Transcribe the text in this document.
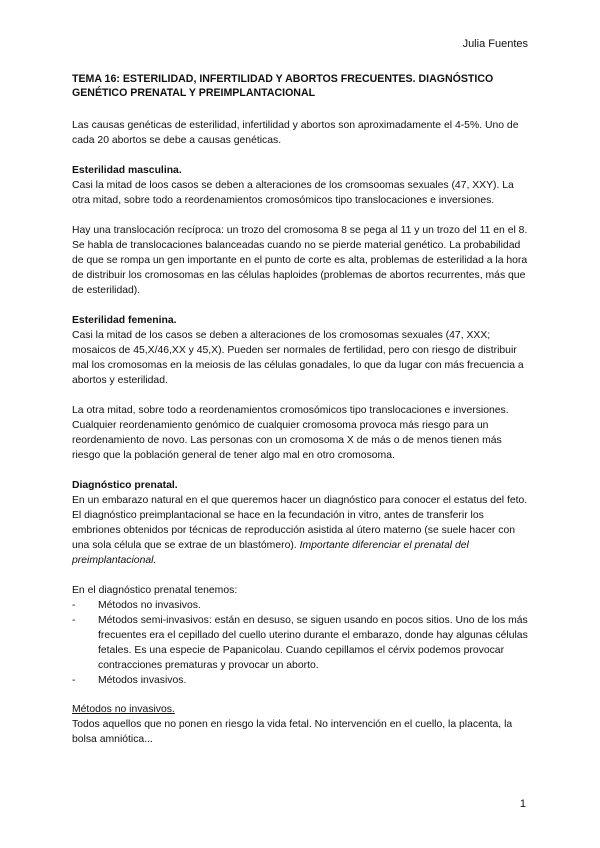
Julia Fuentes
TEMA 16: ESTERILIDAD, INFERTILIDAD Y ABORTOS FRECUENTES. DIAGNÓSTICO GENÉTICO PRENATAL Y PREIMPLANTACIONAL

Las causas genéticas de esterilidad, infertilidad y abortos son aproximadamente el 4-5%. Uno de cada 20 abortos se debe a causas genéticas.

Esterilidad masculina.
Casi la mitad de loos casos se deben a alteraciones de los cromsoomas sexuales (47, XXY). La otra mitad, sobre todo a reordenamientos cromosómicos tipo translocaciones e inversiones.

Hay una translocación recíproca: un trozo del cromosoma 8 se pega al 11 y un trozo del 11 en el 8. Se habla de translocaciones balanceadas cuando no se pierde material genético. La probabilidad de que se rompa un gen importante en el punto de corte es alta, problemas de esterilidad a la hora de distribuir los cromosomas en las células haploides (problemas de abortos recurrentes, más que de esterilidad).

Esterilidad femenina.
Casi la mitad de los casos se deben a alteraciones de los cromosomas sexuales (47, XXX; mosaicos de 45,X/46,XX y 45,X). Pueden ser normales de fertilidad, pero con riesgo de distribuir mal los cromosomas en la meiosis de las células gonadales, lo que da lugar con más frecuencia a abortos y esterilidad.

La otra mitad, sobre todo a reordenamientos cromosómicos tipo translocaciones e inversiones. Cualquier reordenamiento genómico de cualquier cromosoma provoca más riesgo para un reordenamiento de novo. Las personas con un cromosoma X de más o de menos tienen más riesgo que la población general de tener algo mal en otro cromosoma.

Diagnóstico prenatal.
En un embarazo natural en el que queremos hacer un diagnóstico para conocer el estatus del feto. El diagnóstico preimplantacional se hace en la fecundación in vitro, antes de transferir los embriones obtenidos por técnicas de reproducción asistida al útero materno (se suele hacer con una sola célula que se extrae de un blastómero). Importante diferenciar el prenatal del preimplantacional.

En el diagnóstico prenatal tenemos:
-	Métodos no invasivos.
-	Métodos semi-invasivos: están en desuso, se siguen usando en pocos sitios. Uno de los más frecuentes era el cepillado del cuello uterino durante el embarazo, donde hay algunas células fetales. Es una especie de Papanicolau. Cuando cepillamos el cérvix podemos provocar contracciones prematuras y provocar un aborto.
-	Métodos invasivos.

Métodos no invasivos.
Todos aquellos que no ponen en riesgo la vida fetal. No intervención en el cuello, la placenta, la bolsa amniótica...

1
